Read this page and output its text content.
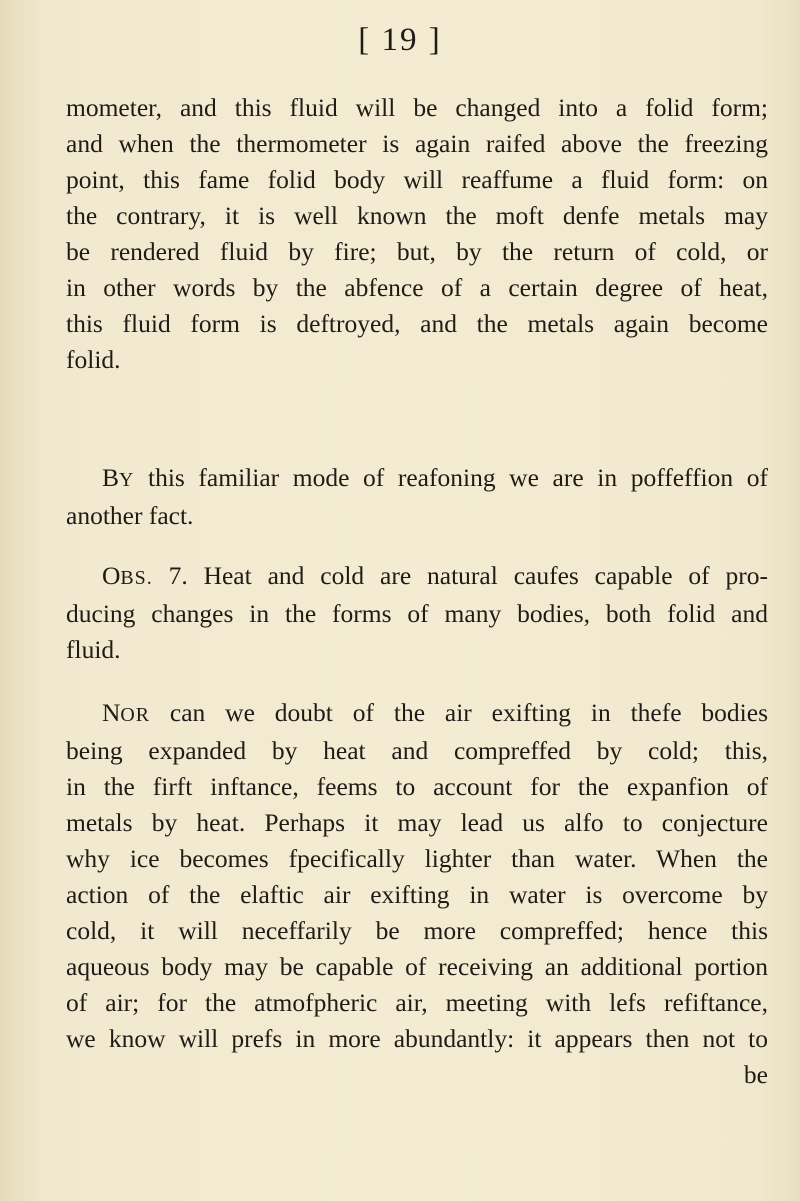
[ 19 ]
mometer, and this fluid will be changed into a folid form;
and when the thermometer is again raifed above the freezing
point, this fame folid body will reaffume a fluid form: on
the contrary, it is well known the moft denfe metals may
be rendered fluid by fire; but, by the return of cold, or
in other words by the abfence of a certain degree of heat,
this fluid form is deftroyed, and the metals again become
folid.
BY this familiar mode of reafoning we are in poffeffion of
another fact.
OBS. 7. Heat and cold are natural caufes capable of pro-
ducing changes in the forms of many bodies, both folid and
fluid.
NOR can we doubt of the air exifting in thefe bodies
being expanded by heat and compreffed by cold; this,
in the firft inftance, feems to account for the expanfion of
metals by heat. Perhaps it may lead us alfo to conjecture
why ice becomes fpecifically lighter than water. When the
action of the elaftic air exifting in water is overcome by
cold, it will neceffarily be more compreffed; hence this
aqueous body may be capable of receiving an additional portion
of air; for the atmofpheric air, meeting with lefs refiftance,
we know will prefs in more abundantly: it appears then not to
be
